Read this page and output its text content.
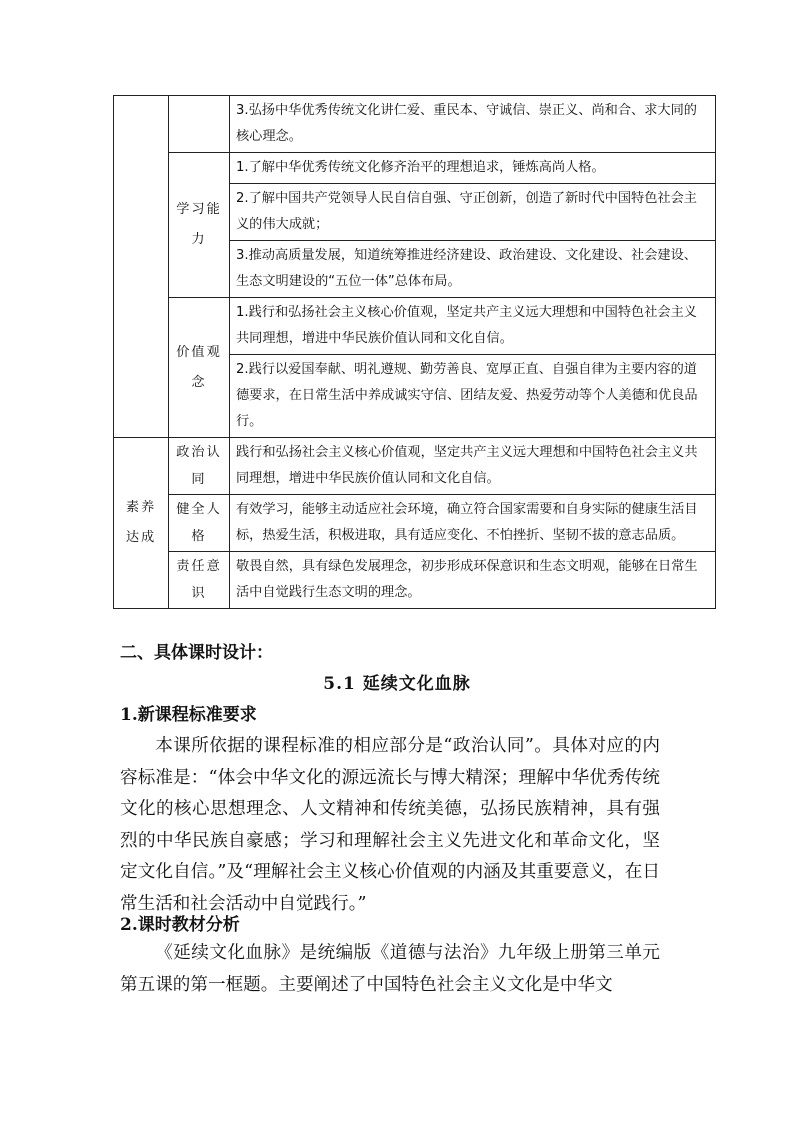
		3.弘扬中华优秀传统文化讲仁爱、重民本、守诚信、崇正义、尚和合、求大同的核心理念。
	学习能力	1.了解中华优秀传统文化修齐治平的理想追求，锤炼高尚人格。
		2.了解中国共产党领导人民自信自强、守正创新，创造了新时代中国特色社会主义的伟大成就；
		3.推动高质量发展，知道统筹推进经济建设、政治建设、文化建设、社会建设、生态文明建设的“五位一体”总体布局。
	价值观念	1.践行和弘扬社会主义核心价值观，坚定共产主义远大理想和中国特色社会主义共同理想，增进中华民族价值认同和文化自信。
		2.践行以爱国奉献、明礼遵规、勤劳善良、宽厚正直、自强自律为主要内容的道德要求，在日常生活中养成诚实守信、团结友爱、热爱劳动等个人美德和优良品行。
素养达成	政治认同	践行和弘扬社会主义核心价值观，坚定共产主义远大理想和中国特色社会主义共同理想，增进中华民族价值认同和文化自信。
	健全人格	有效学习，能够主动适应社会环境，确立符合国家需要和自身实际的健康生活目标，热爱生活，积极进取，具有适应变化、不怕挫折、坚韧不拔的意志品质。
	责任意识	敬畏自然，具有绿色发展理念，初步形成环保意识和生态文明观，能够在日常生活中自觉践行生态文明的理念。
二、具体课时设计：
5.1 延续文化血脉
1.新课程标准要求

本课所依据的课程标准的相应部分是“政治认同”。具体对应的内容标准是：“体会中华文化的源远流长与博大精深；理解中华优秀传统文化的核心思想理念、人文精神和传统美德，弘扬民族精神，具有强烈的中华民族自豪感；学习和理解社会主义先进文化和革命文化，坚定文化自信。”及“理解社会主义核心价值观的内涵及其重要意义，在日常生活和社会活动中自觉践行。”

2.课时教材分析

《延续文化血脉》是统编版《道德与法治》九年级上册第三单元第五课的第一框题。主要阐述了中国特色社会主义文化是中华文
